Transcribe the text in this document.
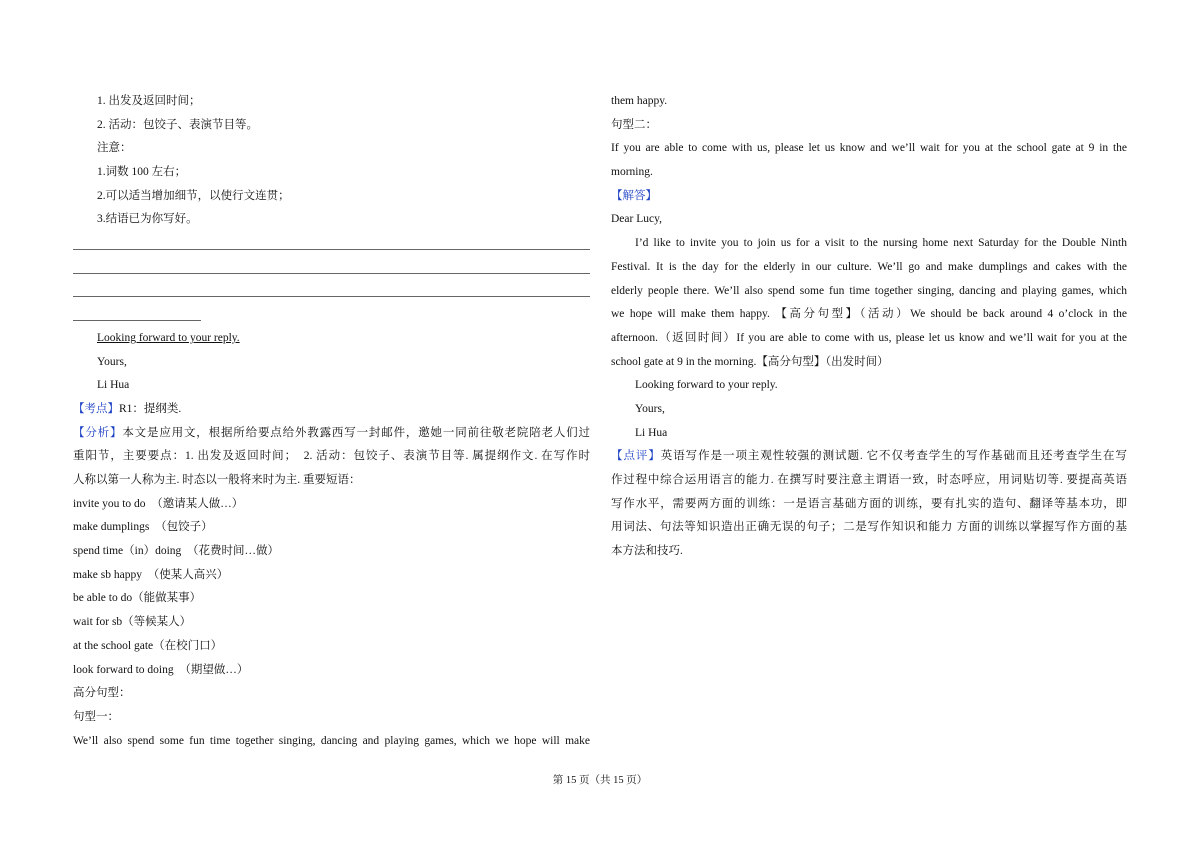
1. 出发及返回时间；
2. 活动：包饺子、表演节目等。
注意：
1.词数 100 左右；
2.可以适当增加细节，以使行文连贯；
3.结语已为你写好。
Looking forward to your reply.
Yours,
Li Hua
【考点】R1：提纲类.
【分析】本文是应用文，根据所给要点给外教露西写一封邮件，邀她一同前往敬老院陪老人们过
重阳节，主要要点：1. 出发及返回时间；　2. 活动：包饺子、表演节目等. 属提纲作文. 在写作时
人称以第一人称为主. 时态以一般将来时为主. 重要短语：
invite you to do　（邀请某人做…）
make dumplings　（包饺子）
spend time（in）doing　（花费时间…做）
make sb happy　（使某人高兴）
be able to do（能做某事）
wait for sb（等候某人）
at the school gate（在校门口）
look forward to doing　（期望做…）
高分句型：
句型一：
We’ll also spend some fun time together singing, dancing and playing games, which we hope will make
them happy.
句型二：
If you are able to come with us, please let us know and we’ll wait for you at the school gate at 9 in the
morning.
【解答】
Dear Lucy,
I’d like to invite you to join us for a visit to the nursing home next Saturday for the Double Ninth
Festival. It is the day for the elderly in our culture. We’ll go and make dumplings and cakes with the
elderly people there. We’ll also spend some fun time together singing, dancing and playing games, which
we hope will make them happy. 【高分句型】（活动）We should be back around 4 o’clock in the
afternoon.（返回时间）If you are able to come with us, please let us know and we’ll wait for you at the
school gate at 9 in the morning.【高分句型】（出发时间）
Looking forward to your reply.
Yours,
Li Hua
【点评】英语写作是一项主观性较强的测试题. 它不仅考查学生的写作基础而且还考查学生在写
作过程中综合运用语言的能力. 在撰写时要注意主谓语一致，时态呼应，用词贴切等. 要提高英语
写作水平，需要两方面的训练：一是语言基础方面的训练，要有扎实的造句、翻译等基本功，即
用词法、句法等知识造出正确无误的句子；二是写作知识和能力 方面的训练以掌握写作方面的基
本方法和技巧.
第 15 页（共 15 页）
